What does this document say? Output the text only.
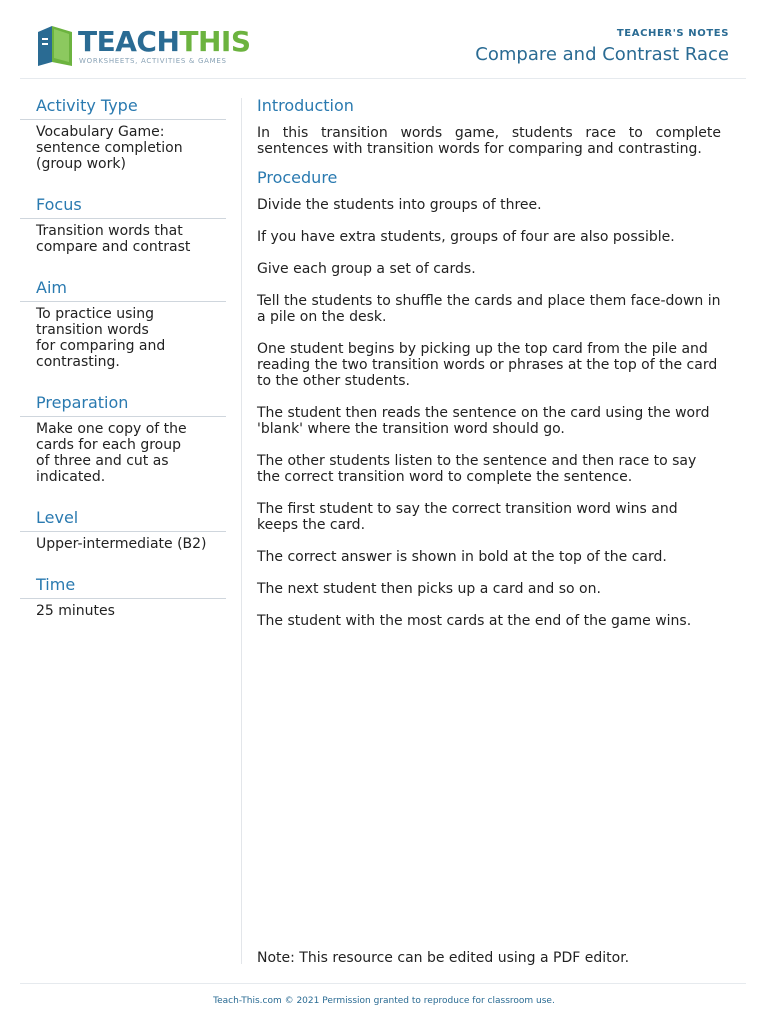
TEACHTHIS
WORKSHEETS, ACTIVITIES & GAMES
TEACHER'S NOTES
Compare and Contrast Race
Activity Type
Vocabulary Game:
sentence completion
(group work)
Focus
Transition words that
compare and contrast
Aim
To practice using
transition words
for comparing and
contrasting.
Preparation
Make one copy of the
cards for each group
of three and cut as
indicated.
Level
Upper-intermediate (B2)
Time
25 minutes
Introduction

In this transition words game, students race to complete sentences with transition words for comparing and contrasting.

Procedure

Divide the students into groups of three.

If you have extra students, groups of four are also possible.

Give each group a set of cards.

Tell the students to shuffle the cards and place them face-down in a pile on the desk.

One student begins by picking up the top card from the pile and reading the two transition words or phrases at the top of the card to the other students.

The student then reads the sentence on the card using the word 'blank' where the transition word should go.

The other students listen to the sentence and then race to say the correct transition word to complete the sentence.

The first student to say the correct transition word wins and keeps the card.

The correct answer is shown in bold at the top of the card.

The next student then picks up a card and so on.

The student with the most cards at the end of the game wins.

Note: This resource can be edited using a PDF editor.
Teach-This.com © 2021 Permission granted to reproduce for classroom use.
